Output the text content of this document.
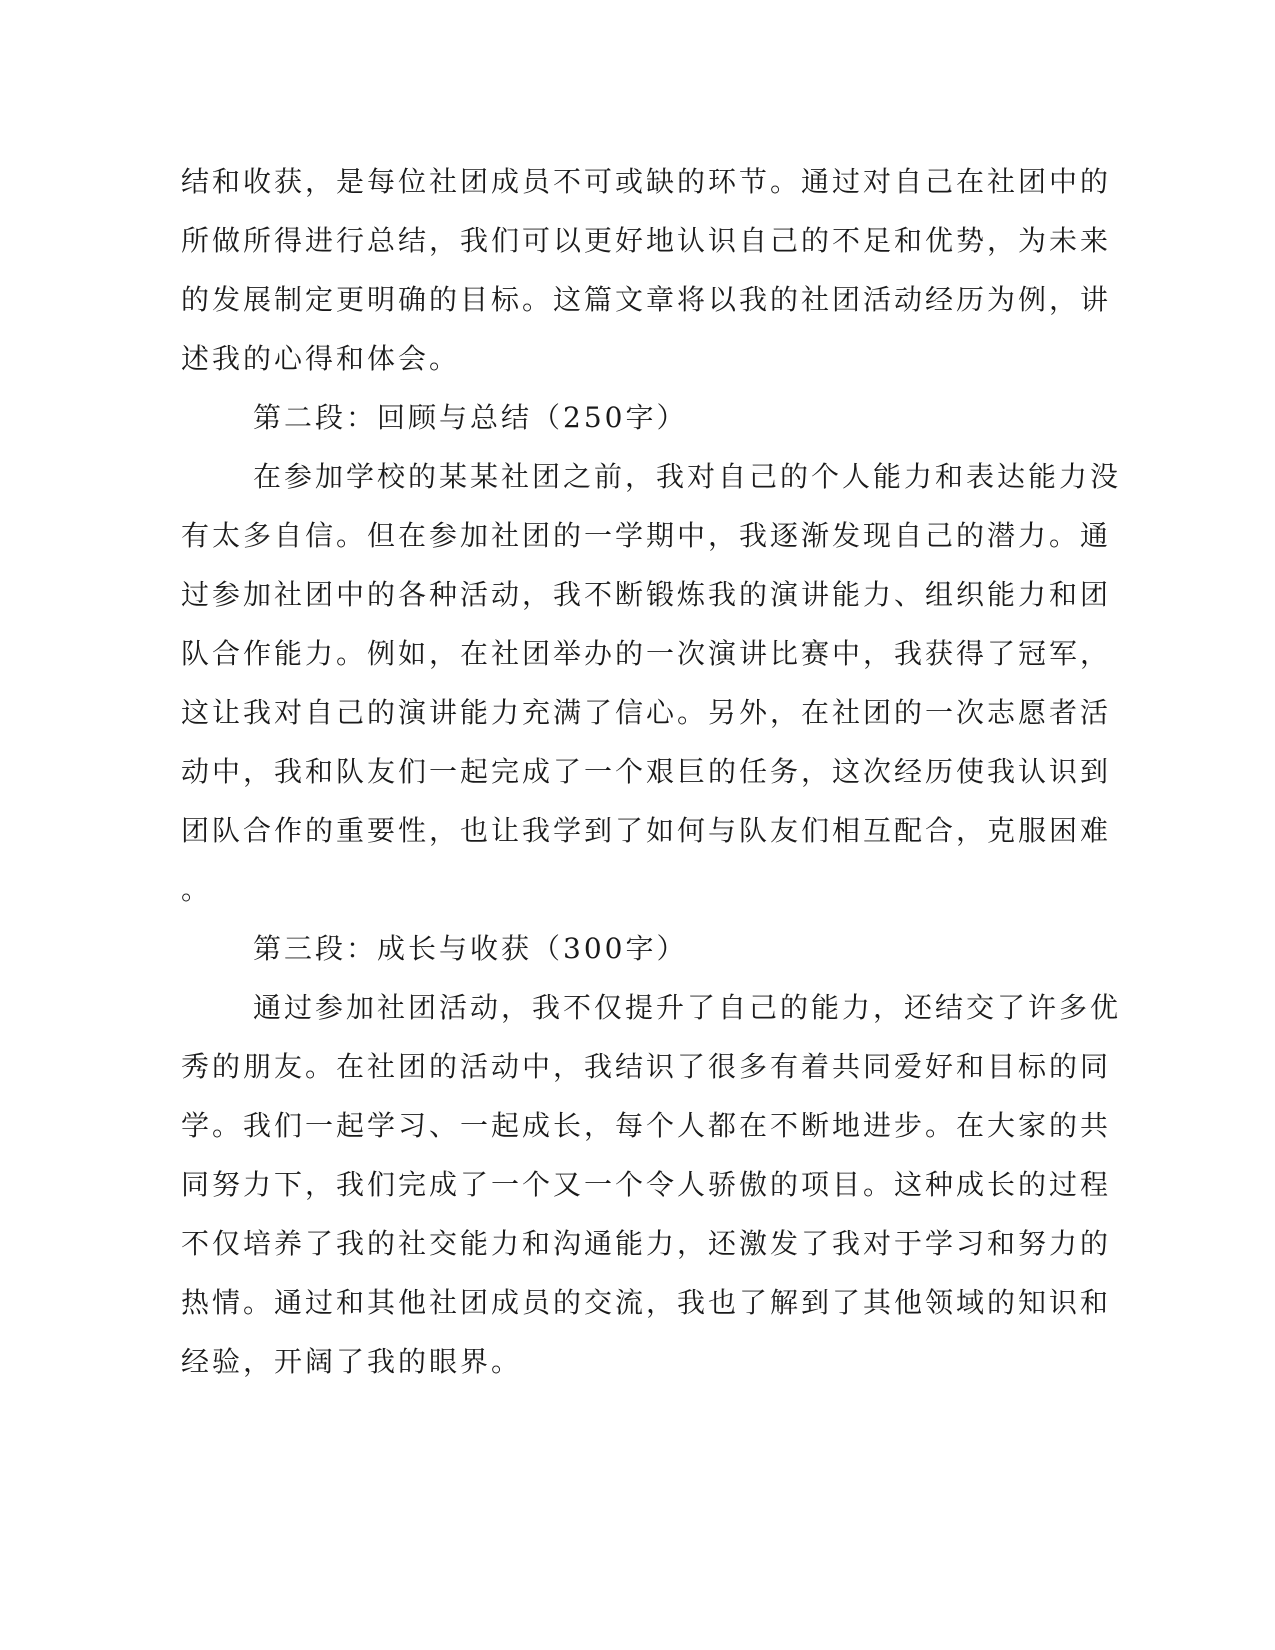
结和收获，是每位社团成员不可或缺的环节。通过对自己在社团中的
所做所得进行总结，我们可以更好地认识自己的不足和优势，为未来
的发展制定更明确的目标。这篇文章将以我的社团活动经历为例，讲
述我的心得和体会。
第二段：回顾与总结（250字）
在参加学校的某某社团之前，我对自己的个人能力和表达能力没
有太多自信。但在参加社团的一学期中，我逐渐发现自己的潜力。通
过参加社团中的各种活动，我不断锻炼我的演讲能力、组织能力和团
队合作能力。例如，在社团举办的一次演讲比赛中，我获得了冠军，
这让我对自己的演讲能力充满了信心。另外，在社团的一次志愿者活
动中，我和队友们一起完成了一个艰巨的任务，这次经历使我认识到
团队合作的重要性，也让我学到了如何与队友们相互配合，克服困难
。
第三段：成长与收获（300字）
通过参加社团活动，我不仅提升了自己的能力，还结交了许多优
秀的朋友。在社团的活动中，我结识了很多有着共同爱好和目标的同
学。我们一起学习、一起成长，每个人都在不断地进步。在大家的共
同努力下，我们完成了一个又一个令人骄傲的项目。这种成长的过程
不仅培养了我的社交能力和沟通能力，还激发了我对于学习和努力的
热情。通过和其他社团成员的交流，我也了解到了其他领域的知识和
经验，开阔了我的眼界。
